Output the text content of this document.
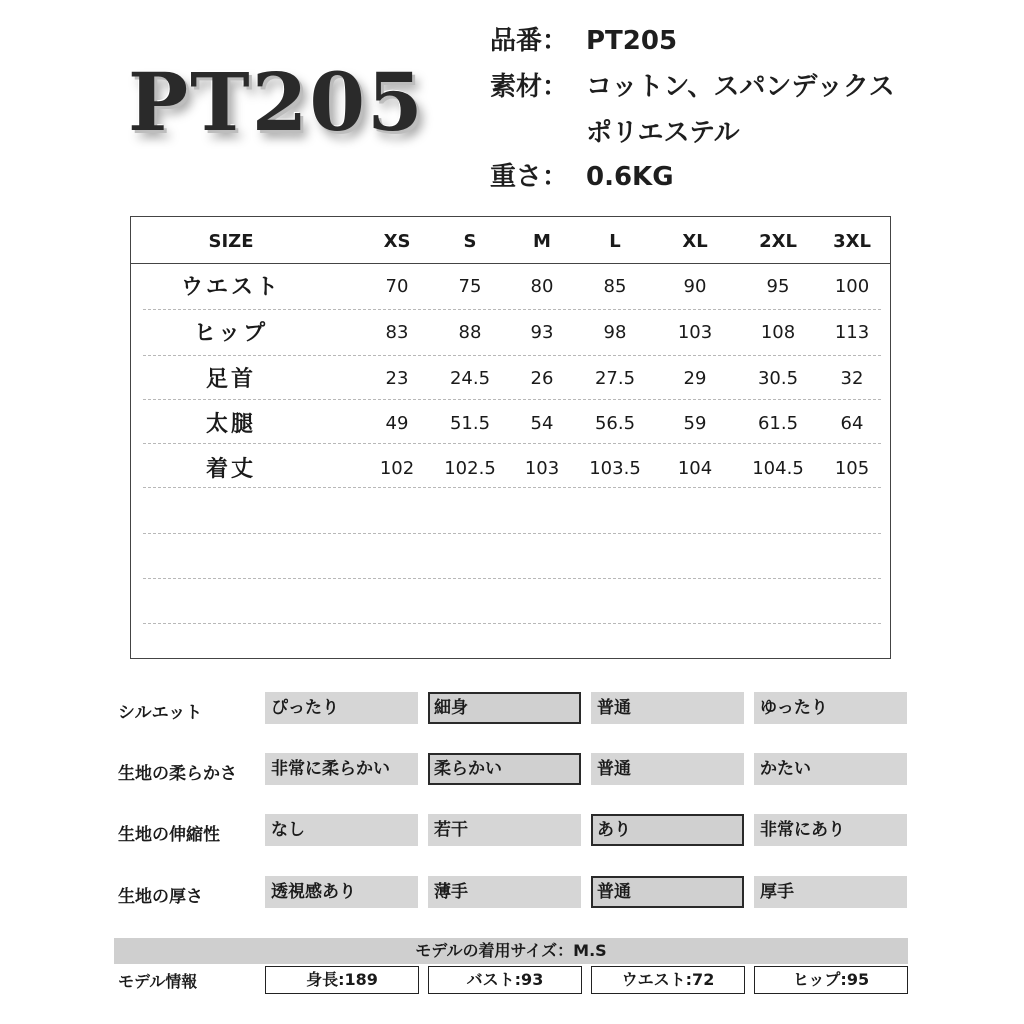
PT205
品番： PT205
素材： コットン、スパンデックス
ポリエステル
重さ： 0.6KG
SIZE	XS	S	M	L	XL	2XL	3XL
ウエスト	70	75	80	85	90	95	100
ヒップ	83	88	93	98	103	108	113
足首	23	24.5	26	27.5	29	30.5	32
太腿	49	51.5	54	56.5	59	61.5	64
着丈	102	102.5	103	103.5	104	104.5	105
シルエット	ぴったり	細身	普通	ゆったり
生地の柔らかさ	非常に柔らかい	柔らかい	普通	かたい
生地の伸縮性	なし	若干	あり	非常にあり
生地の厚さ	透視感あり	薄手	普通	厚手
モデルの着用サイズ：M.S
モデル情報	身長:189	バスト:93	ウエスト:72	ヒップ:95
